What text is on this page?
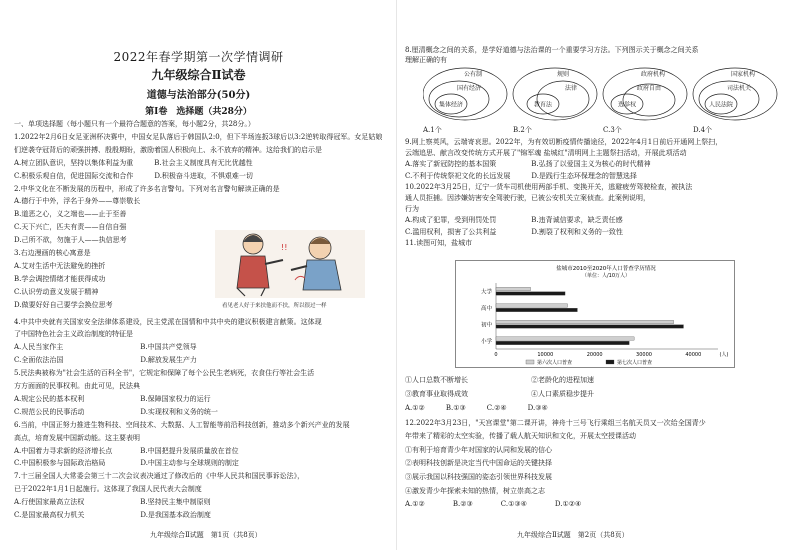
2022年春学期第一次学情调研
九年级综合Ⅱ试卷
道德与法治部分(50分)
第Ⅰ卷　选择题（共28分）
一、单项选择题（每小题只有一个最符合题意的答案，每小题2分，共28分。）
1.2022年2月6日女足亚洲杯决赛中，中国女足队落后于韩国队2:0，但下半场连扳3球后以3:2逆转取得冠军。女足姑娘
们逆袭夺冠背后的顽强拼搏、殷殷期盼，激励着国人积极向上、永不放弃的精神。这给我们的启示是
A.树立团队意识，坚持以集体利益为重　　　B.社会主义制度具有无比优越性
C.积极乐观自信，促进国际交流和合作　　　D.积极奋斗进取，不惧艰难一切
2.中华文化在不断发展的历程中，形成了许多名言警句。下列对名言警句解读正确的是
A.德行于中外，浮名于身外——尊崇敬长
B.道恶之心，义之端也——止于至善
C.天下兴亡，匹夫有责——自信自强
D.己所不欲，勿施于人——执信思考
3.右边漫画的核心寓意是
A.艾对生活中无法避免的挫折
B.学会调控情绪才能获得成功
C.认识劳动意义发展于精神
D.做要好好自己要学会换位思考
4.中共中央就有关国家安全法律体系建设，民主党派在国情和中共中央的建议积极建言献策。这体现
了中国特色社会主义政治制度的特征是
A.人民当家作主　　　　　　　　　　　B.中国共产党领导
C.全面依法治国　　　　　　　　　　　D.解放发展生产力
5.民法典被称为"社会生活的百科全书"，它规定和保障了每个公民生老病死，衣食住行等社会生活
方方面面的民事权利。由此可见，民法典
A.规定公民的基本权利　　　　　　　　B.保障国家权力的运行
C.规范公民的民事活动　　　　　　　　D.实现权利和义务的统一
6.当前，中国正努力推进生物科技、空间技术、大数据、人工智能等前沿科技创新，推动多个新兴产业的发展
高点，培育发展中国新动能。这主要表明
A.中国着力寻求新的经济增长点　　　　B.中国把提升发展质量放在首位
C.中国积极参与国际政治格局　　　　　D.中国主动参与全球规则的制定
7.十三届全国人大常委会第三十二次会议表决通过了修改后的《中华人民共和国民事诉讼法》，
已于2022年1月1日起施行。这体现了我国人民代表大会制度
A.行使国家最高立法权　　　　　　　　B.坚持民主集中制原则
C.是国家最高权力机关　　　　　　　　D.是我国基本政治制度
!!
看见老人好于来扶他而不扶，所以很过一样
九年级综合Ⅱ试题　第1页（共8页）
8.厘清概念之间的关系，是学好道德与法治课的一个重要学习方法。下列图示关于概念之间关系
理解正确的有
公有制
国有经济
集体经济
规则
法律
教育法
政府机构
政府自由
选举权
国家机构
司法机关
人民法院
A.1个	B.2个	C.3个	D.4个
9.网上察英风，云端寄哀思。2022年，为有效切断疫情传播途径，2022年4月1日前后开通网上祭扫，
云端追思、献言改变传统方式开展了"锦军魂 盐城红"清明网上主题祭扫活动，开展此项活动
A.落实了新冠防控的基本国策　　　　　B.弘扬了以爱国主义为核心的时代精神
C.不利于传统祭祀文化的长远发展　　　D.是践行生态环保理念的智慧选择
10.2022年3月25日，辽宁一货车司机使用两部手机、变换开关，逃避疲劳驾驶检查，被执法
通人员拒捕。因涉嫌妨害安全驾驶行驶，已被公安机关立案侦查。此案例说明，
行为
A.构成了犯罪，受到刑罚处罚　　　　　B.违背诚信要求，缺乏责任感
C.滥用权利，损害了公共利益　　　　　D.割裂了权利和义务的一致性
11.读图可知，盐城市
盐城市2010至2020年人口普查学历情况
（单位：人/10万人）
0	10000	20000	30000	40000	(人)
大学
高中
初中
小学
第六次人口普查	第七次人口普查
①人口总数不断增长　　　　　　　　　②老龄化的进程加速
③教育事业取得成效　　　　　　　　　④人口素质稳步提升
A.①②　　　B.①③　　　C.②④　　　D.③④
12.2022年3月23日，"天宫课堂"第二课开讲，神舟十三号飞行乘组三名航天员又一次给全国青少
年带来了精彩的太空实验，传播了载人航天知识和文化，开展太空授课活动
①有利于培育青少年对国家的认同和发展的信心
②表明科技创新是决定当代中国命运的关键抉择
③展示我国以科技强国的姿态引领世界科技发展
④激发青少年探索未知的热情，树立崇高之志
A.①②　　　　B.②③　　　　C.①③④　　　　D.①②④
九年级综合Ⅱ试题　第2页（共8页）
